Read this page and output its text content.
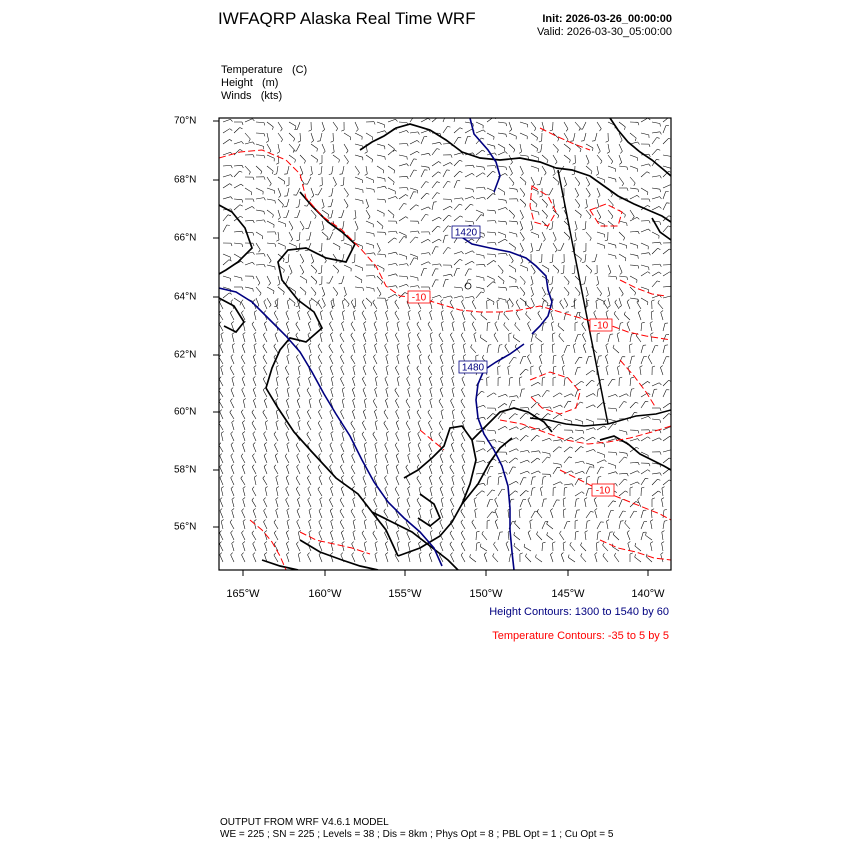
IWFAQRP Alaska Real Time WRF	Init: 2026-03-26_00:00:00
Valid: 2026-03-30_05:00:00
Temperature (C)
Height (m)
Winds (kts)
1420
1480
-10
-10
-10
165°W	160°W	155°W	150°W	145°W	140°W
70°N
68°N
66°N
64°N
62°N
60°N
58°N
56°N
Height Contours: 1300 to 1540 by 60
Temperature Contours: -35 to 5 by 5
OUTPUT FROM WRF V4.6.1 MODEL
WE = 225 ; SN = 225 ; Levels = 38 ; Dis = 8km ; Phys Opt = 8 ; PBL Opt = 1 ; Cu Opt = 5
